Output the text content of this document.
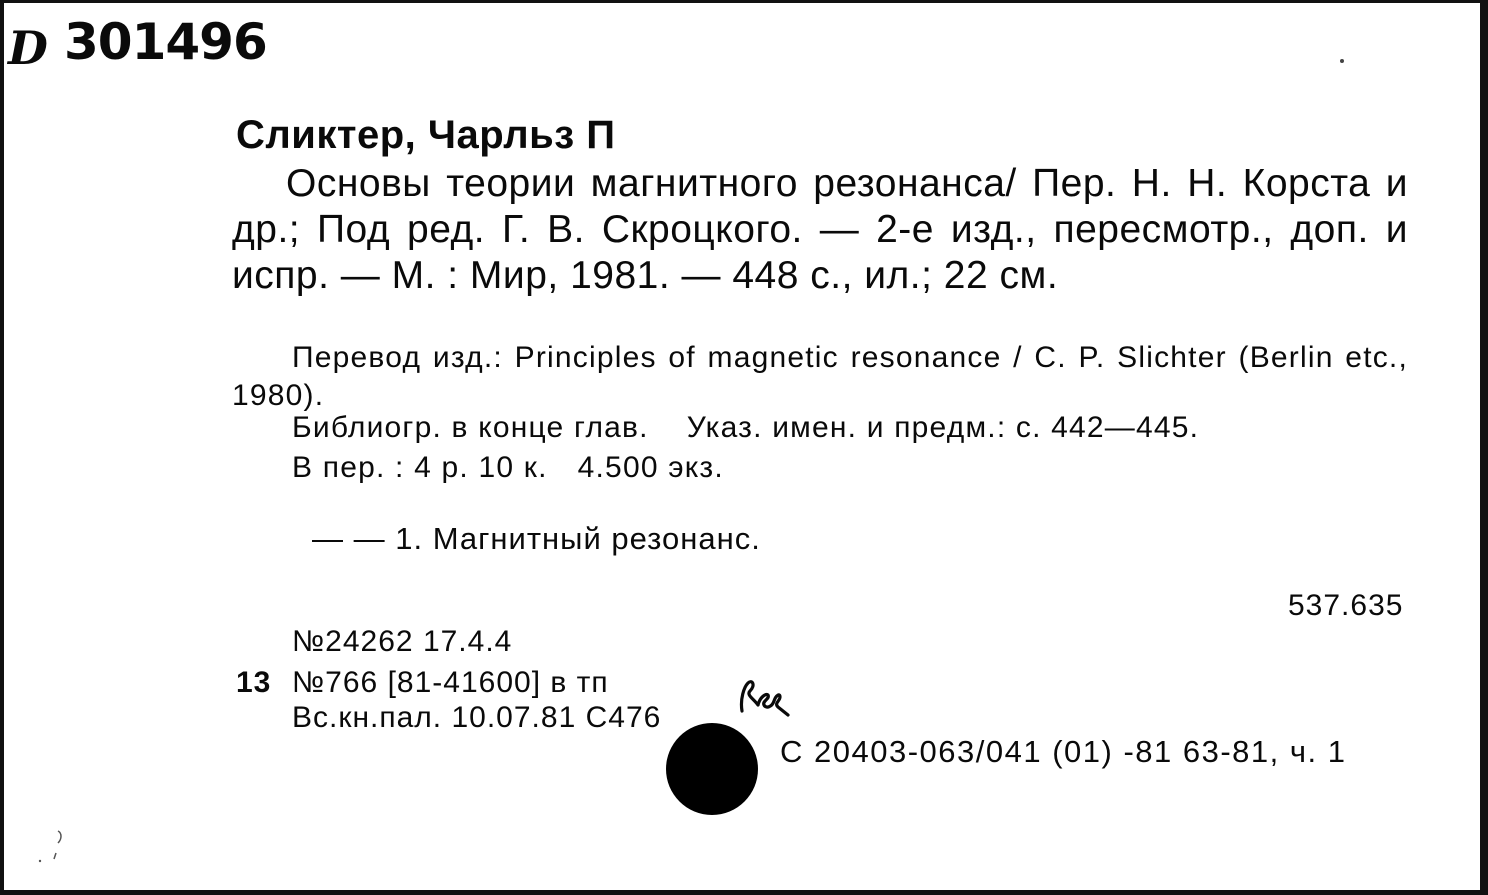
D 301496
Сликтер, Чарльз П
Основы теории магнитного резонанса/ Пер. Н. Н. Корста и др.; Под ред. Г. В. Скроцкого. — 2-е изд., пересмотр., доп. и испр. — М. : Мир, 1981. — 448 с., ил.; 22 см.
Перевод изд.: Principles of magnetic resonance / C. P. Slichter (Berlin etc., 1980).
Библиогр. в конце глав. Указ. имен. и предм.: с. 442—445.
В пер. : 4 р. 10 к. 4.500 экз.
— — 1. Магнитный резонанс.
537.635
№24262 17.4.4
13 №766 [81-41600] в тп
Вс.кн.пал. 10.07.81 С476
С 20403-063/041 (01) -81 63-81, ч. 1
